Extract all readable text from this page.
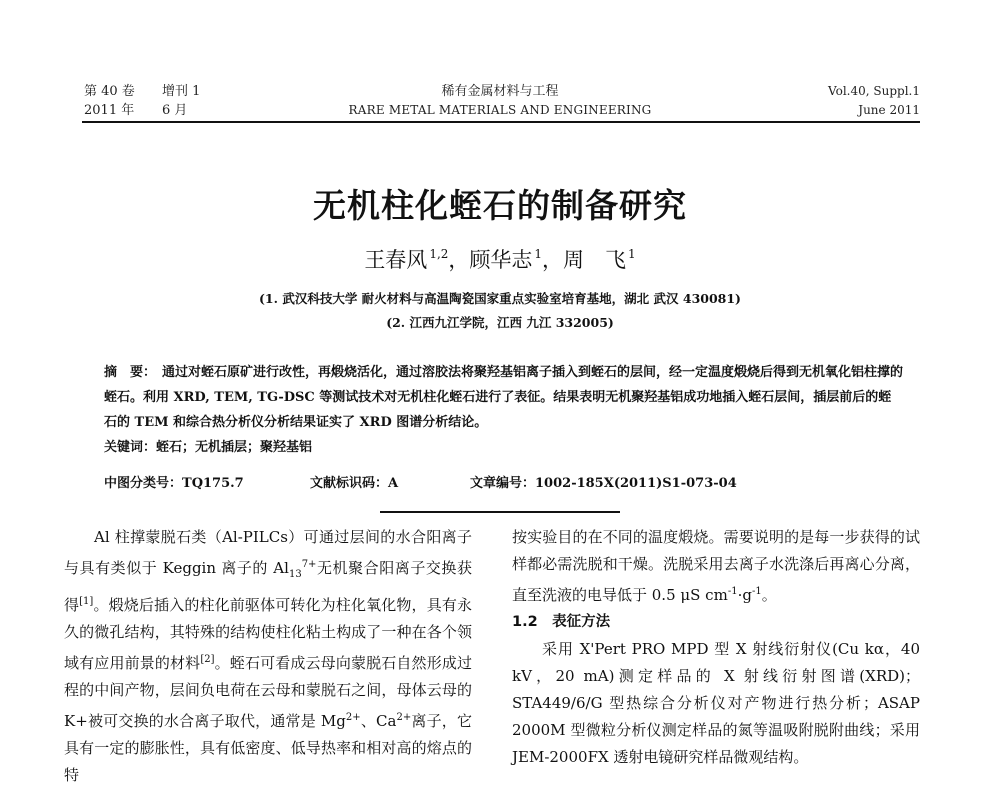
第 40 卷 增刊 1
2011 年 6 月
稀有金属材料与工程
RARE METAL MATERIALS AND ENGINEERING
Vol.40, Suppl.1
June 2011
无机柱化蛭石的制备研究
王春风 $^{1,2}$，顾华志 $^1$，周　飞 $^1$
(1. 武汉科技大学 耐火材料与高温陶瓷国家重点实验室培育基地，湖北 武汉 430081)
(2. 江西九江学院，江西 九江 332005)
摘　要： 通过对蛭石原矿进行改性，再煅烧活化，通过溶胶法将聚羟基铝离子插入到蛭石的层间，经一定温度煅烧后得到无机氧化铝柱撑的蛭石。利用 XRD, TEM, TG-DSC 等测试技术对无机柱化蛭石进行了表征。结果表明无机聚羟基铝成功地插入蛭石层间，插层前后的蛭石的 TEM 和综合热分析仪分析结果证实了 XRD 图谱分析结论。
关键词：蛭石；无机插层；聚羟基铝
中图分类号：TQ175.7	文献标识码：A	文章编号：1002-185X(2011)S1-073-04

Al 柱撑蒙脱石类（Al-PILCs）可通过层间的水合阳离子与具有类似于 Keggin 离子的 $Al_{13}^{7+}$无机聚合阳离子交换获得[1]。煅烧后插入的柱化前驱体可转化为柱化氧化物，具有永久的微孔结构，其特殊的结构使柱化粘土构成了一种在各个领域有应用前景的材料[2]。蛭石可看成云母向蒙脱石自然形成过程的中间产物，层间负电荷在云母和蒙脱石之间，母体云母的 K+被可交换的水合离子取代，通常是 $Mg^{2+}$、$Ca^{2+}$离子，它具有一定的膨胀性，具有低密度、低导热率和相对高的熔点的特

按实验目的在不同的温度煅烧。需要说明的是每一步获得的试样都必需洗脱和干燥。洗脱采用去离子水洗涤后再离心分离，直至洗液的电导低于 0.5 μS $cm^{-1}\cdot g^{-1}$。

1.2　表征方法

采用 X'Pert PRO MPD 型 X 射线衍射仪(Cu kα，40 kV，20 mA)测定样品的 X 射线衍射图谱(XRD)；STA449/6/G 型热综合分析仪对产物进行热分析；ASAP 2000M 型微粒分析仪测定样品的氮等温吸附脱附曲线；采用 JEM-2000FX 透射电镜研究样品微观结构。
